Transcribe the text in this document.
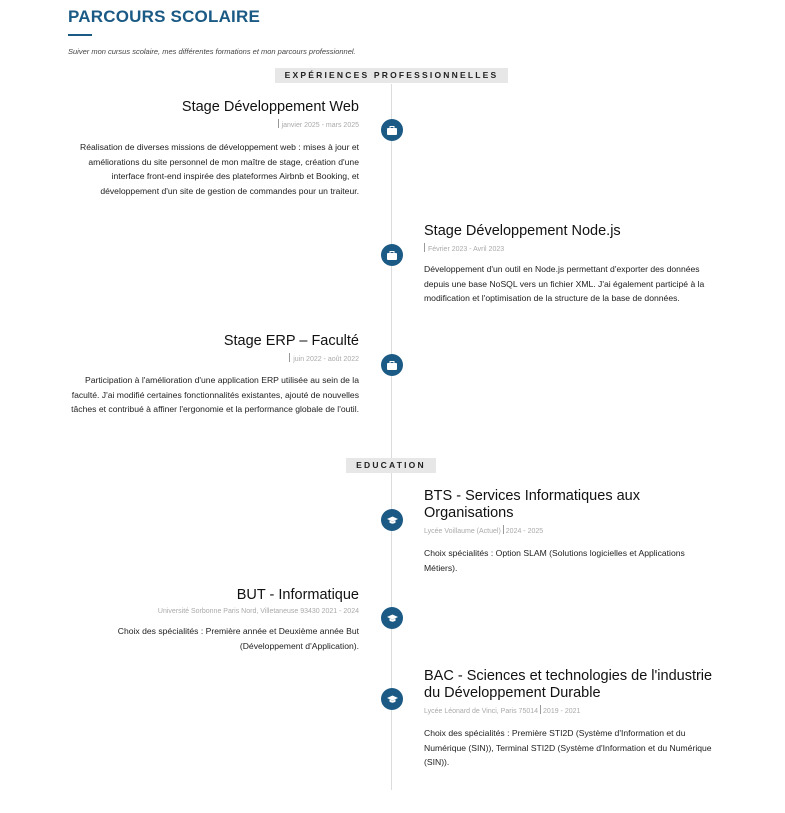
PARCOURS SCOLAIRE

Suiver mon cursus scolaire, mes différentes formations et mon parcours professionnel.

EXPÉRIENCES PROFESSIONNELLES
Stage Développement Web
janvier 2025 - mars 2025
Réalisation de diverses missions de développement web : mises à jour et améliorations du site personnel de mon maître de stage, création d'une interface front-end inspirée des plateformes Airbnb et Booking, et développement d'un site de gestion de commandes pour un traiteur.
Stage Développement Node.js
Février 2023 - Avril 2023
Développement d'un outil en Node.js permettant d'exporter des données depuis une base NoSQL vers un fichier XML. J'ai également participé à la modification et l'optimisation de la structure de la base de données.
Stage ERP – Faculté
juin 2022 - août 2022
Participation à l'amélioration d'une application ERP utilisée au sein de la faculté. J'ai modifié certaines fonctionnalités existantes, ajouté de nouvelles tâches et contribué à affiner l'ergonomie et la performance globale de l'outil.
EDUCATION
BTS - Services Informatiques aux Organisations
Lycée Voillaume (Actuel) 2024 - 2025
Choix spécialités : Option SLAM (Solutions logicielles et Applications Métiers).
BUT - Informatique
Université Sorbonne Paris Nord, Villetaneuse 93430 2021 - 2024
Choix des spécialités : Première année et Deuxième année But (Développement d'Application).
BAC - Sciences et technologies de l'industrie du Développement Durable
Lycée Léonard de Vinci, Paris 75014 2019 - 2021
Choix des spécialités : Première STI2D (Système d'Information et du Numérique (SIN)), Terminal STI2D (Système d'Information et du Numérique (SIN)).
